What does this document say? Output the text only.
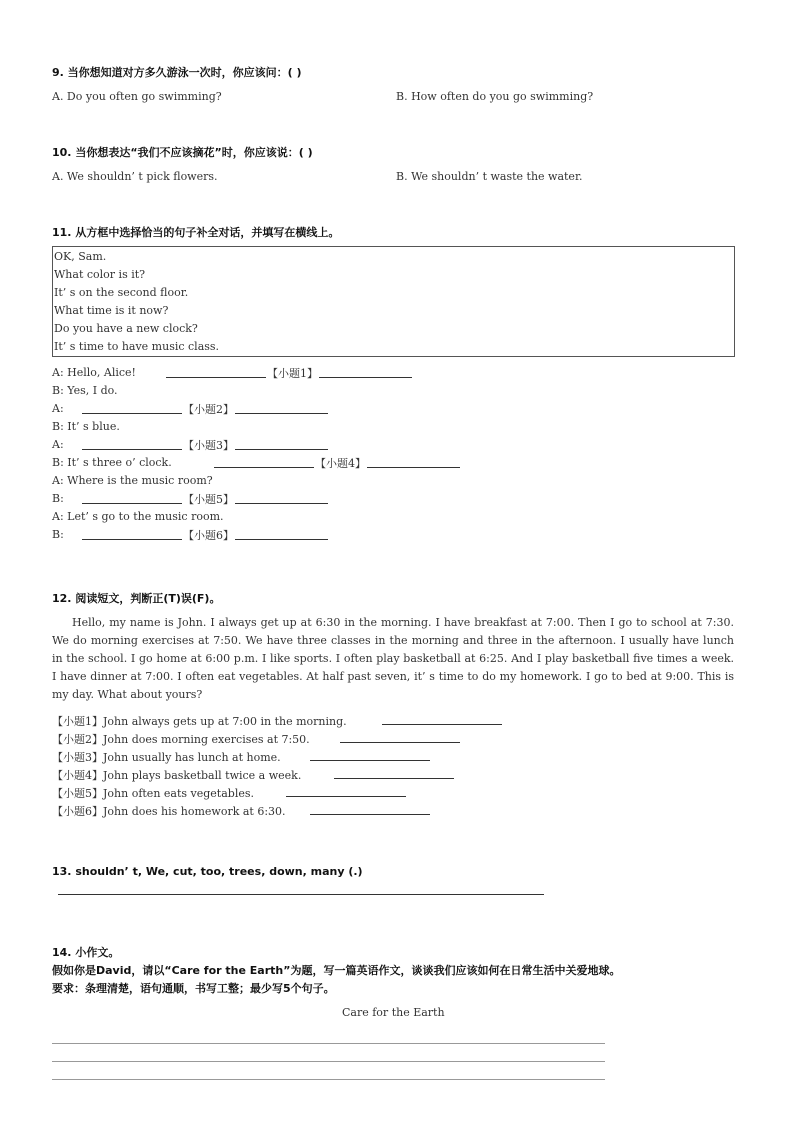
9. 当你想知道对方多久游泳一次时，你应该问：( )
A. Do you often go swimming?	B. How often do you go swimming?
10. 当你想表达“我们不应该摘花”时，你应该说：( )
A. We shouldn’ t pick flowers.	B. We shouldn’ t waste the water.
11. 从方框中选择恰当的句子补全对话，并填写在横线上。
OK, Sam.
What color is it?
It’ s on the second floor.
What time is it now?
Do you have a new clock?
It’ s time to have music class.
A: Hello, Alice!	【小题1】
B: Yes, I do.
A:	【小题2】
B: It’ s blue.
A:	【小题3】
B: It’ s three o’ clock.	【小题4】
A: Where is the music room?
B:	【小题5】
A: Let’ s go to the music room.
B:	【小题6】
12. 阅读短文，判断正(T)误(F)。
Hello, my name is John. I always get up at 6:30 in the morning. I have breakfast at 7:00. Then I go to school at 7:30. We do morning exercises at 7:50. We have three classes in the morning and three in the afternoon. I usually have lunch in the school. I go home at 6:00 p.m. I like sports. I often play basketball at 6:25. And I play basketball five times a week. I have dinner at 7:00. I often eat vegetables. At half past seven, it’ s time to do my homework. I go to bed at 9:00. This is my day. What about yours?
【小题1】John always gets up at 7:00 in the morning.
【小题2】John does morning exercises at 7:50.
【小题3】John usually has lunch at home.
【小题4】John plays basketball twice a week.
【小题5】John often eats vegetables.
【小题6】John does his homework at 6:30.
13. shouldn’ t, We, cut, too, trees, down, many (.)
14. 小作文。
假如你是David，请以“Care for the Earth”为题，写一篇英语作文，谈谈我们应该如何在日常生活中关爱地球。
要求：条理清楚，语句通顺，书写工整；最少写5个句子。
Care for the Earth
